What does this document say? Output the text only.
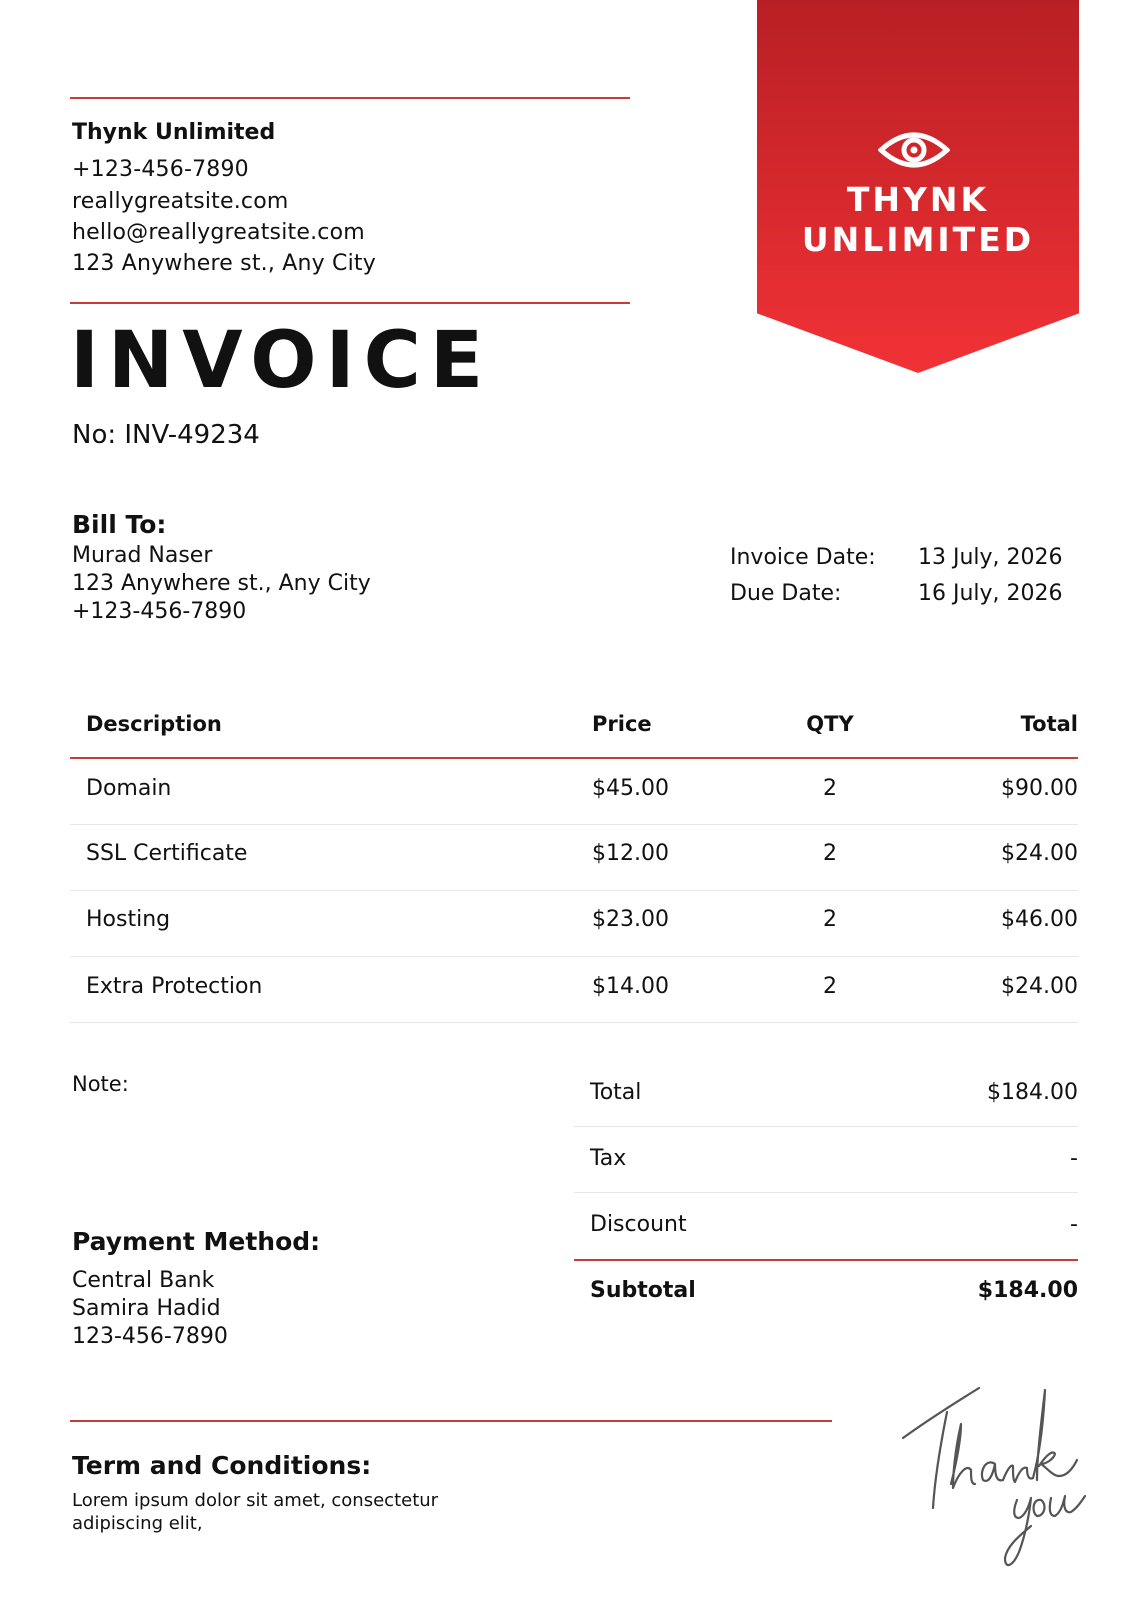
Thynk Unlimited
+123-456-7890
reallygreatsite.com
hello@reallygreatsite.com
123 Anywhere st., Any City
THYNK
UNLIMITED
INVOICE
No: INV-49234
Bill To:
Murad Naser
123 Anywhere st., Any City
+123-456-7890
Invoice Date: 13 July, 2026
Due Date:	16 July, 2026
Description	Price	QTY	Total
Domain	$45.00	2	$90.00
SSL Certificate	$12.00	2	$24.00
Hosting	$23.00	2	$46.00
Extra Protection	$14.00	2	$24.00
Note:	Total	$184.00
Tax	-
Discount	-
Subtotal	$184.00
Payment Method:
Central Bank
Samira Hadid
123-456-7890
Term and Conditions:
Lorem ipsum dolor sit amet, consectetur adipiscing elit,
